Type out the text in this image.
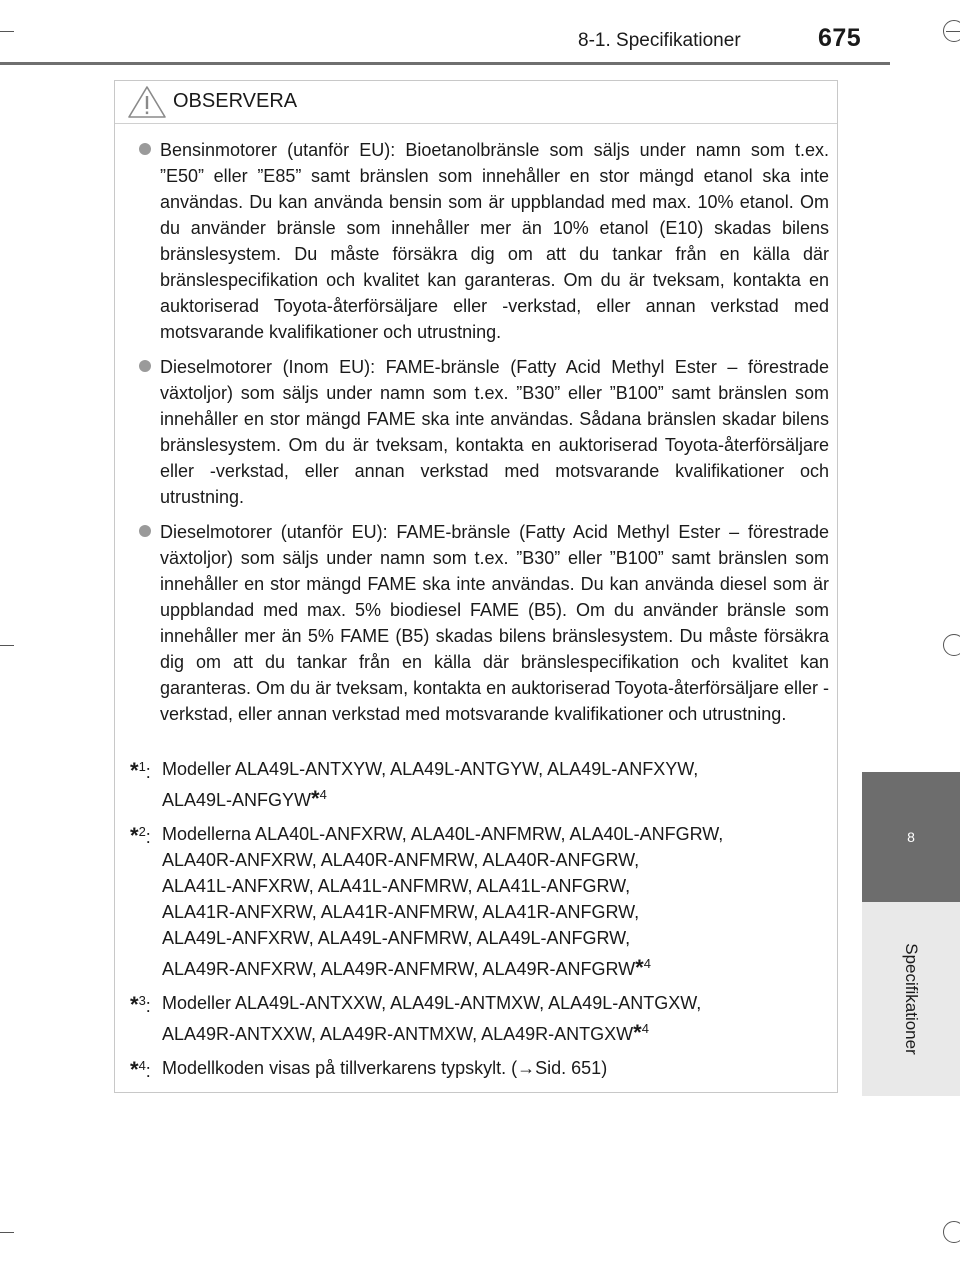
8-1. Specifikationer	675
8
Specifikationer
OBSERVERA
Bensinmotorer (utanför EU): Bioetanolbränsle som säljs under namn som t.ex. ”E50” eller ”E85” samt bränslen som innehåller en stor mängd etanol ska inte användas. Du kan använda bensin som är uppblandad med max. 10% etanol. Om du använder bränsle som innehåller mer än 10% etanol (E10) skadas bilens bränslesystem. Du måste försäkra dig om att du tankar från en källa där bränslespecifikation och kvalitet kan garanteras. Om du är tveksam, kontakta en auktoriserad Toyota-återförsäljare eller -verkstad, eller annan verkstad med motsvarande kvalifikationer och utrustning.
Dieselmotorer (Inom EU): FAME-bränsle (Fatty Acid Methyl Ester – förestrade växtoljor) som säljs under namn som t.ex. ”B30” eller ”B100” samt bränslen som innehåller en stor mängd FAME ska inte användas. Sådana bränslen skadar bilens bränslesystem. Om du är tveksam, kontakta en auktoriserad Toyota-återförsäljare eller -verkstad, eller annan verkstad med motsvarande kvalifikationer och utrustning.
Dieselmotorer (utanför EU): FAME-bränsle (Fatty Acid Methyl Ester – förestrade växtoljor) som säljs under namn som t.ex. ”B30” eller ”B100” samt bränslen som innehåller en stor mängd FAME ska inte användas. Du kan använda diesel som är uppblandad med max. 5% biodiesel FAME (B5). Om du använder bränsle som innehåller mer än 5% FAME (B5) skadas bilens bränslesystem. Du måste försäkra dig om att du tankar från en källa där bränslespecifikation och kvalitet kan garanteras. Om du är tveksam, kontakta en auktoriserad Toyota-återförsäljare eller -verkstad, eller annan verkstad med motsvarande kvalifikationer och utrustning.
*$^1$: Modeller ALA49L-ANTXYW, ALA49L-ANTGYW, ALA49L-ANFXYW,
ALA49L-ANFGYW*$^4$
*$^2$: Modellerna ALA40L-ANFXRW, ALA40L-ANFMRW, ALA40L-ANFGRW,
ALA40R-ANFXRW, ALA40R-ANFMRW, ALA40R-ANFGRW,
ALA41L-ANFXRW, ALA41L-ANFMRW, ALA41L-ANFGRW,
ALA41R-ANFXRW, ALA41R-ANFMRW, ALA41R-ANFGRW,
ALA49L-ANFXRW, ALA49L-ANFMRW, ALA49L-ANFGRW,
ALA49R-ANFXRW, ALA49R-ANFMRW, ALA49R-ANFGRW*$^4$
*$^3$: Modeller ALA49L-ANTXXW, ALA49L-ANTMXW, ALA49L-ANTGXW,
ALA49R-ANTXXW, ALA49R-ANTMXW, ALA49R-ANTGXW*$^4$
*$^4$: Modellkoden visas på tillverkarens typskylt. (→Sid. 651)
